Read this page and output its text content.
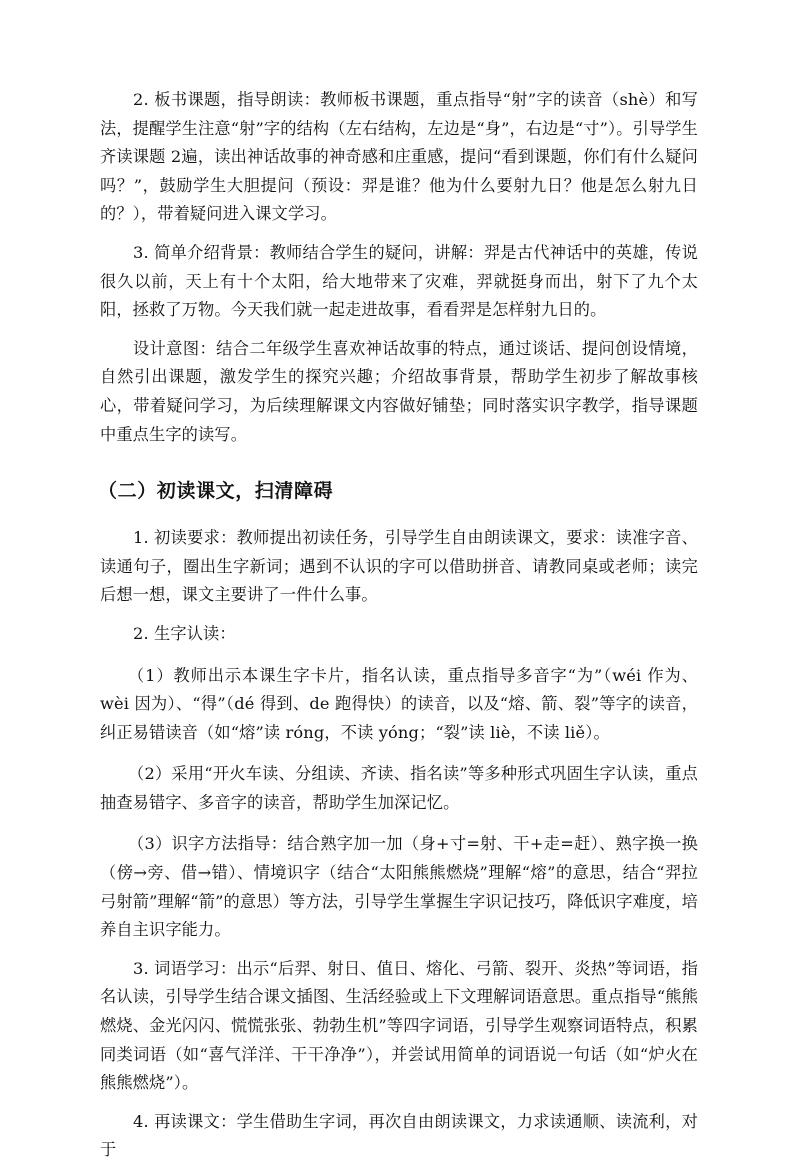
2. 板书课题，指导朗读：教师板书课题，重点指导“射”字的读音（shè）和写法，提醒学生注意“射”字的结构（左右结构，左边是“身”，右边是“寸”）。引导学生齐读课题 2遍，读出神话故事的神奇感和庄重感，提问“看到课题，你们有什么疑问吗？”，鼓励学生大胆提问（预设：羿是谁？他为什么要射九日？他是怎么射九日的？），带着疑问进入课文学习。

3. 简单介绍背景：教师结合学生的疑问，讲解：羿是古代神话中的英雄，传说很久以前，天上有十个太阳，给大地带来了灾难，羿就挺身而出，射下了九个太阳，拯救了万物。今天我们就一起走进故事，看看羿是怎样射九日的。

设计意图：结合二年级学生喜欢神话故事的特点，通过谈话、提问创设情境，自然引出课题，激发学生的探究兴趣；介绍故事背景，帮助学生初步了解故事核心，带着疑问学习，为后续理解课文内容做好铺垫；同时落实识字教学，指导课题中重点生字的读写。

（二）初读课文，扫清障碍

1. 初读要求：教师提出初读任务，引导学生自由朗读课文，要求：读准字音、读通句子，圈出生字新词；遇到不认识的字可以借助拼音、请教同桌或老师；读完后想一想，课文主要讲了一件什么事。

2. 生字认读：

（1）教师出示本课生字卡片，指名认读，重点指导多音字“为”（wéi 作为、wèi 因为）、“得”（dé 得到、de 跑得快）的读音，以及“熔、箭、裂”等字的读音，纠正易错读音（如“熔”读 róng，不读 yóng；“裂”读 liè，不读 liě）。

（2）采用“开火车读、分组读、齐读、指名读”等多种形式巩固生字认读，重点抽查易错字、多音字的读音，帮助学生加深记忆。

（3）识字方法指导：结合熟字加一加（身+寸=射、干+走=赶）、熟字换一换（傍→旁、借→错）、情境识字（结合“太阳熊熊燃烧”理解“熔”的意思，结合“羿拉弓射箭”理解“箭”的意思）等方法，引导学生掌握生字识记技巧，降低识字难度，培养自主识字能力。

3. 词语学习：出示“后羿、射日、值日、熔化、弓箭、裂开、炎热”等词语，指名认读，引导学生结合课文插图、生活经验或上下文理解词语意思。重点指导“熊熊燃烧、金光闪闪、慌慌张张、勃勃生机”等四字词语，引导学生观察词语特点，积累同类词语（如“喜气洋洋、干干净净”），并尝试用简单的词语说一句话（如“炉火在熊熊燃烧”）。

4. 再读课文：学生借助生字词，再次自由朗读课文，力求读通顺、读流利，对于
